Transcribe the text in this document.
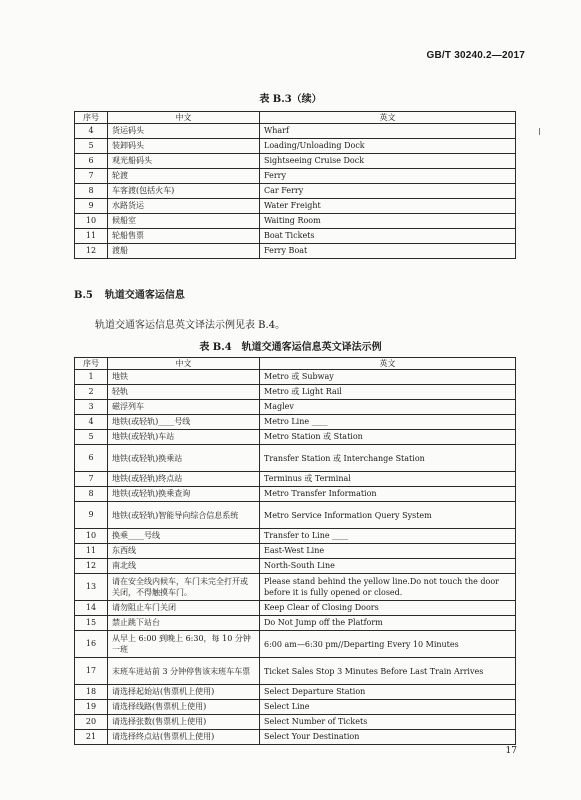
GB/T 30240.2—2017
表 B.3（续）
序号	中文	英文
4	货运码头	Wharf
5	装卸码头	Loading/Unloading Dock
6	观光船码头	Sightseeing Cruise Dock
7	轮渡	Ferry
8	车客渡(包括火车)	Car Ferry
9	水路货运	Water Freight
10	候船室	Waiting Room
11	轮船售票	Boat Tickets
12	渡船	Ferry Boat
B.5 轨道交通客运信息
轨道交通客运信息英文译法示例见表 B.4。
表 B.4　轨道交通客运信息英文译法示例
序号	中文	英文
1	地铁	Metro 或 Subway
2	轻轨	Metro 或 Light Rail
3	磁浮列车	Maglev
4	地铁(或轻轨)____号线	Metro Line ____
5	地铁(或轻轨)车站	Metro Station 或 Station
6	地铁(或轻轨)换乘站	Transfer Station 或 Interchange Station
7	地铁(或轻轨)终点站	Terminus 或 Terminal
8	地铁(或轻轨)换乘查询	Metro Transfer Information
9	地铁(或轻轨)智能导向综合信息系统	Metro Service Information Query System
10	换乘____号线	Transfer to Line ____
11	东西线	East-West Line
12	南北线	North-South Line
13	请在安全线内候车，车门未完全打开或关闭，不得触摸车门。	Please stand behind the yellow line.Do not touch the door before it is fully opened or closed.
14	请勿阻止车门关闭	Keep Clear of Closing Doors
15	禁止跳下站台	Do Not Jump off the Platform
16	从早上 6:00 到晚上 6:30，每 10 分钟一班	6:00 am—6:30 pm//Departing Every 10 Minutes
17	末班车进站前 3 分钟停售该末班车车票	Ticket Sales Stop 3 Minutes Before Last Train Arrives
18	请选择起始站(售票机上使用)	Select Departure Station
19	请选择线路(售票机上使用)	Select Line
20	请选择张数(售票机上使用)	Select Number of Tickets
21	请选择终点站(售票机上使用)	Select Your Destination
17
